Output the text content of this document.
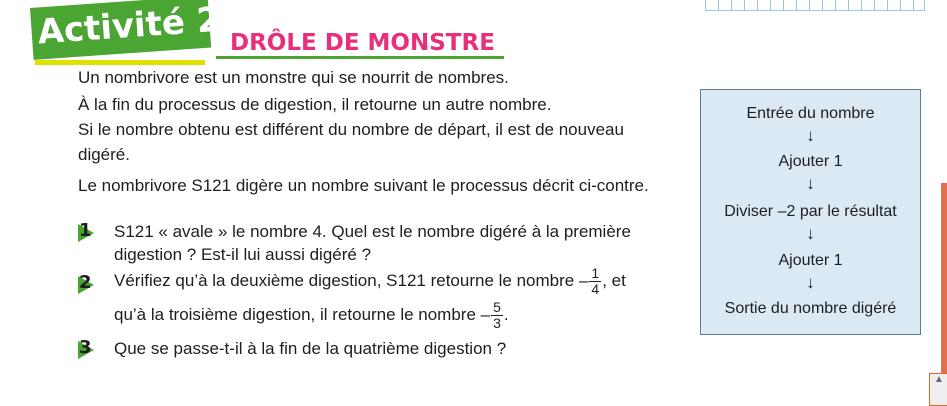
Activité 2 DRÔLE DE MONSTRE

Un nombrivore est un monstre qui se nourrit de nombres.

À la fin du processus de digestion, il retourne un autre nombre.

Si le nombre obtenu est différent du nombre de départ, il est de nouveau

digéré.

Le nombrivore S121 digère un nombre suivant le processus décrit ci-contre.

1 S121 « avale » le nombre 4. Quel est le nombre digéré à la première
digestion ? Est-il lui aussi digéré ?
2 Vérifiez qu’à la deuxième digestion, S121 retourne le nombre – $\frac{1}{4}$ , et
qu’à la troisième digestion, il retourne le nombre – $\frac{5}{3}$ .
3 Que se passe-t-il à la fin de la quatrième digestion ?
Entrée du nombre
↓
Ajouter 1
↓
Diviser –2 par le résultat
↓
Ajouter 1
↓
Sortie du nombre digéré
▲
